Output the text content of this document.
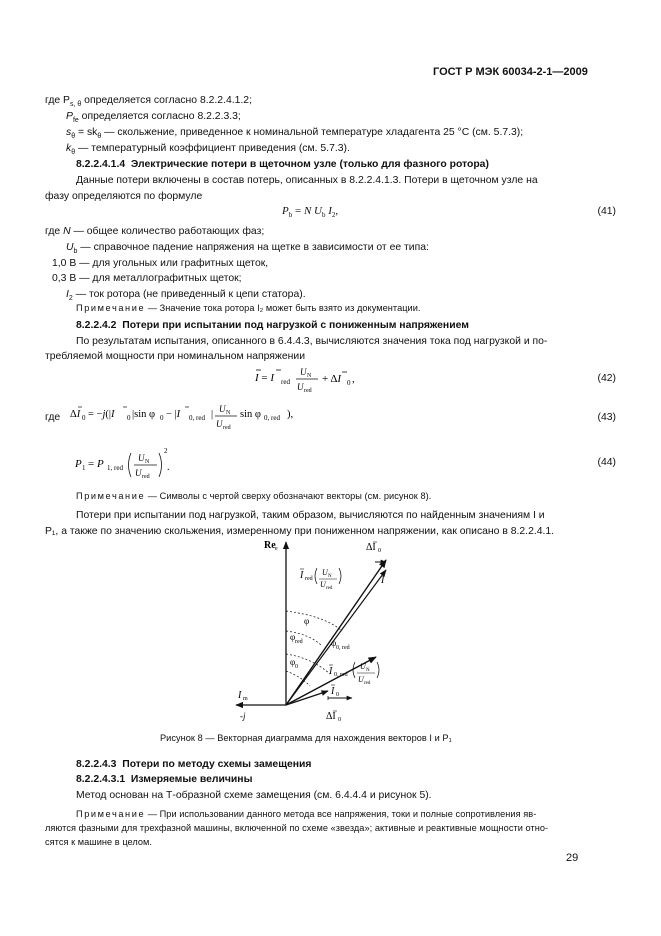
ГОСТ Р МЭК 60034-2-1—2009
где $P_{s, \theta}$ определяется согласно 8.2.2.4.1.2;
$P_{fe}$ определяется согласно 8.2.2.3.3;
$s_\theta = sk_\theta$ — скольжение, приведенное к номинальной температуре хладагента 25 °С (см. 5.7.3);
$k_\theta$ — температурный коэффициент приведения (см. 5.7.3).
8.2.2.4.1.4 Электрические потери в щеточном узле (только для фазного ротора)
Данные потери включены в состав потерь, описанных в 8.2.2.4.1.3. Потери в щеточном узле на
фазу определяются по формуле
$P_b = N$ $U_b$ $I_2$,	(41)
где N — общее количество работающих фаз;
$U_b$ — справочное падение напряжения на щетке в зависимости от ее типа:
1,0 В — для угольных или графитных щеток,
0,3 В — для металлографитных щеток;
$I_2$ — ток ротора (не приведенный к цепи статора).
Примечание — Значение тока ротора I₂ может быть взято из документации.
8.2.2.4.2 Потери при испытании под нагрузкой с пониженным напряжением
По результатам испытания, описанного в 6.4.4.3, вычисляются значения тока под нагрузкой и по-
требляемой мощности при номинальном напряжении
I = I red
U N
U red
+ ΔI 0 ,	(42)
где ΔI 0 = −j(|I 0 |sin φ 0 − |I 0, red | U N
U red
sin φ 0, red ),	(43)
P 1 = P 1, red
U N
U red
2
.	(44)
Примечание — Символы с чертой сверху обозначают векторы (см. рисунок 8).
Потери при испытании под нагрузкой, таким образом, вычисляются по найденным значениям I и
P₁, а также по значению скольжения, измеренному при пониженном напряжении, как описано в 8.2.2.4.1.
Re e
I m
-j
φ
φ red	φ 0, red
φ 0
I red
U N
U red
ΔI 0
I
I 0, red
U N
U red
I 0
ΔI 0
Рисунок 8 — Векторная диаграмма для нахождения векторов I и P₁
8.2.2.4.3 Потери по методу схемы замещения
8.2.2.4.3.1 Измеряемые величины
Метод основан на Т-образной схеме замещения (см. 6.4.4.4 и рисунок 5).
Примечание — При использовании данного метода все напряжения, токи и полные сопротивления яв-
ляются фазными для трехфазной машины, включенной по схеме «звезда»; активные и реактивные мощности отно-
сятся к машине в целом.
29
